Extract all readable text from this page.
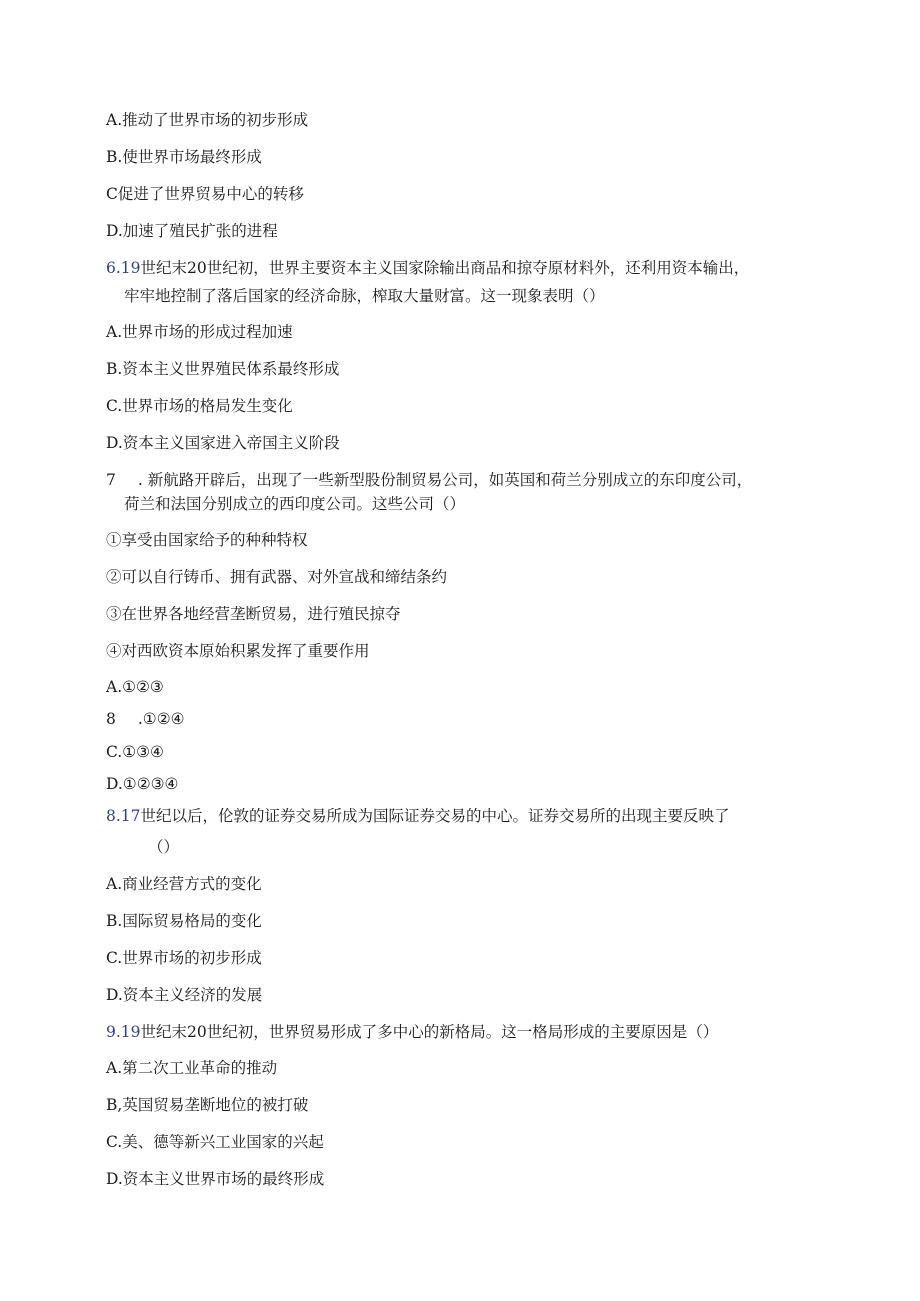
A.推动了世界市场的初步形成
B.使世界市场最终形成
C促进了世界贸易中心的转移
D.加速了殖民扩张的进程
6.19世纪末20世纪初，世界主要资本主义国家除输出商品和掠夺原材料外，还利用资本输出，
牢牢地控制了落后国家的经济命脉，榨取大量财富。这一现象表明（）
A.世界市场的形成过程加速
B.资本主义世界殖民体系最终形成
C.世界市场的格局发生变化
D.资本主义国家进入帝国主义阶段
7 . 新航路开辟后，出现了一些新型股份制贸易公司，如英国和荷兰分别成立的东印度公司，
荷兰和法国分别成立的西印度公司。这些公司（）
①享受由国家给予的种种特权
②可以自行铸币、拥有武器、对外宣战和缔结条约
③在世界各地经营垄断贸易，进行殖民掠夺
④对西欧资本原始积累发挥了重要作用
A.①②③
8 .①②④
C.①③④
D.①②③④
8.17世纪以后，伦敦的证券交易所成为国际证券交易的中心。证券交易所的出现主要反映了
（）
A.商业经营方式的变化
B.国际贸易格局的变化
C.世界市场的初步形成
D.资本主义经济的发展
9.19世纪末20世纪初，世界贸易形成了多中心的新格局。这一格局形成的主要原因是（）
A.第二次工业革命的推动
B,英国贸易垄断地位的被打破
C.美、德等新兴工业国家的兴起
D.资本主义世界市场的最终形成
